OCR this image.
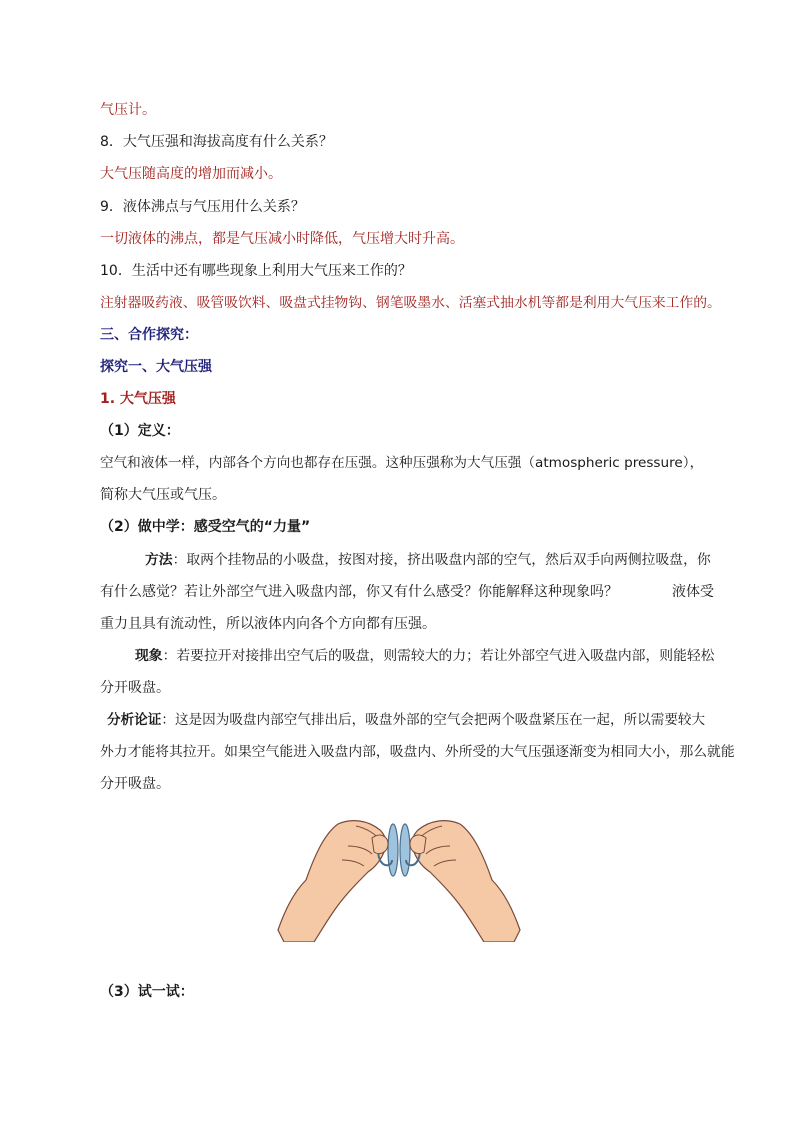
气压计。
8．大气压强和海拔高度有什么关系？
大气压随高度的增加而减小。
9．液体沸点与气压用什么关系？
一切液体的沸点，都是气压减小时降低，气压增大时升高。
10．生活中还有哪些现象上利用大气压来工作的？
注射器吸药液、吸管吸饮料、吸盘式挂物钩、钢笔吸墨水、活塞式抽水机等都是利用大气压来工作的。
三、合作探究：
探究一、大气压强
1. 大气压强
（1）定义：
空气和液体一样，内部各个方向也都存在压强。这种压强称为大气压强（atmospheric pressure），
简称大气压或气压。
（2）做中学：感受空气的“力量”
方法：取两个挂物品的小吸盘，按图对接，挤出吸盘内部的空气，然后双手向两侧拉吸盘，你
有什么感觉？若让外部空气进入吸盘内部，你又有什么感受？你能解释这种现象吗？	液体受
重力且具有流动性，所以液体内向各个方向都有压强。
现象：若要拉开对接排出空气后的吸盘，则需较大的力；若让外部空气进入吸盘内部，则能轻松
分开吸盘。
分析论证：这是因为吸盘内部空气排出后，吸盘外部的空气会把两个吸盘紧压在一起，所以需要较大
外力才能将其拉开。如果空气能进入吸盘内部，吸盘内、外所受的大气压强逐渐变为相同大小，那么就能
分开吸盘。
（3）试一试：
